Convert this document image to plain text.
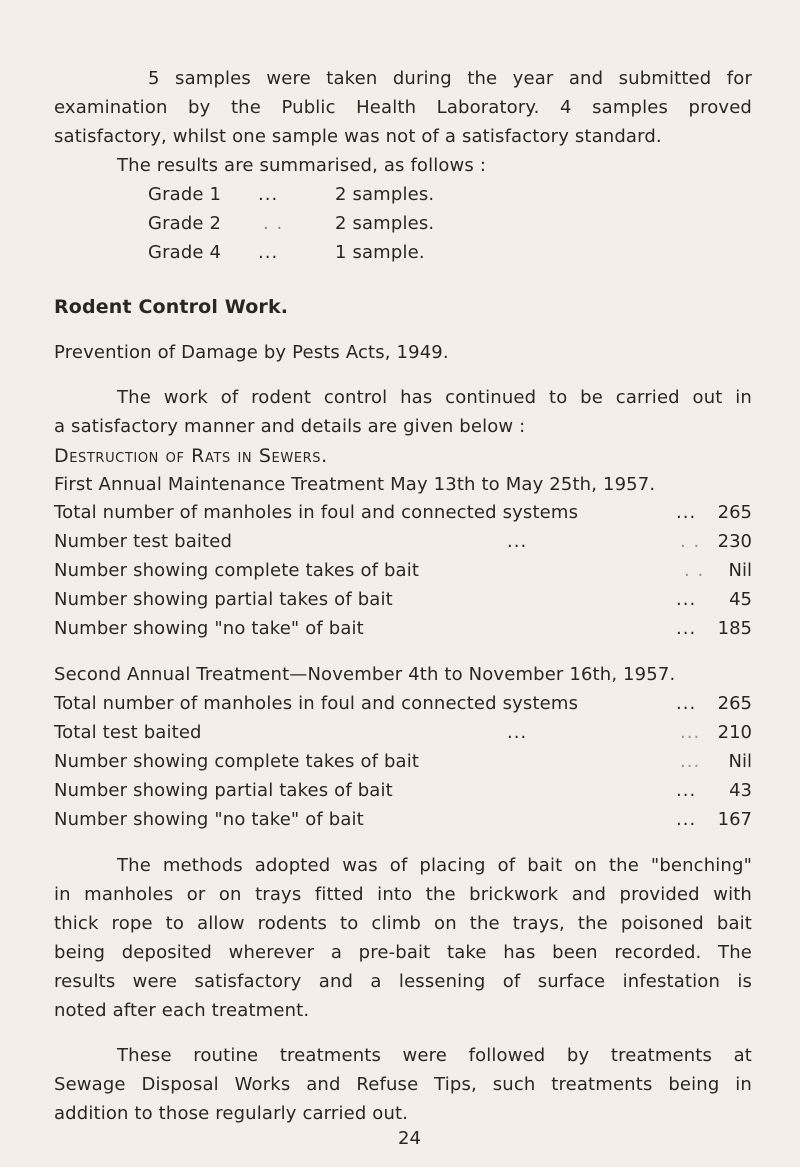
5 samples were taken during the year and submitted for
examination by the Public Health Laboratory. 4 samples proved
satisfactory, whilst one sample was not of a satisfactory standard.
The results are summarised, as follows :
Grade 1 ...	2 samples.
Grade 2 . .	2 samples.
Grade 4 ...	1 sample.
Rodent Control Work.
Prevention of Damage by Pests Acts, 1949.
The work of rodent control has continued to be carried out in
a satisfactory manner and details are given below :
Destruction of Rats in Sewers.
First Annual Maintenance Treatment May 13th to May 25th, 1957.
Total number of manholes in foul and connected systems	...	265
Number test baited	...	. . 230
Number showing complete takes of bait	. .	Nil
Number showing partial takes of bait	...	45
Number showing "no take" of bait	...	185
Second Annual Treatment—November 4th to November 16th, 1957.
Total number of manholes in foul and connected systems	...	265
Total test baited	...	... 210
Number showing complete takes of bait	...	Nil
Number showing partial takes of bait	...	43
Number showing "no take" of bait	...	167
The methods adopted was of placing of bait on the "benching"
in manholes or on trays fitted into the brickwork and provided with
thick rope to allow rodents to climb on the trays, the poisoned bait
being deposited wherever a pre-bait take has been recorded. The
results were satisfactory and a lessening of surface infestation is
noted after each treatment.
These routine treatments were followed by treatments at
Sewage Disposal Works and Refuse Tips, such treatments being in
addition to those regularly carried out.
24
